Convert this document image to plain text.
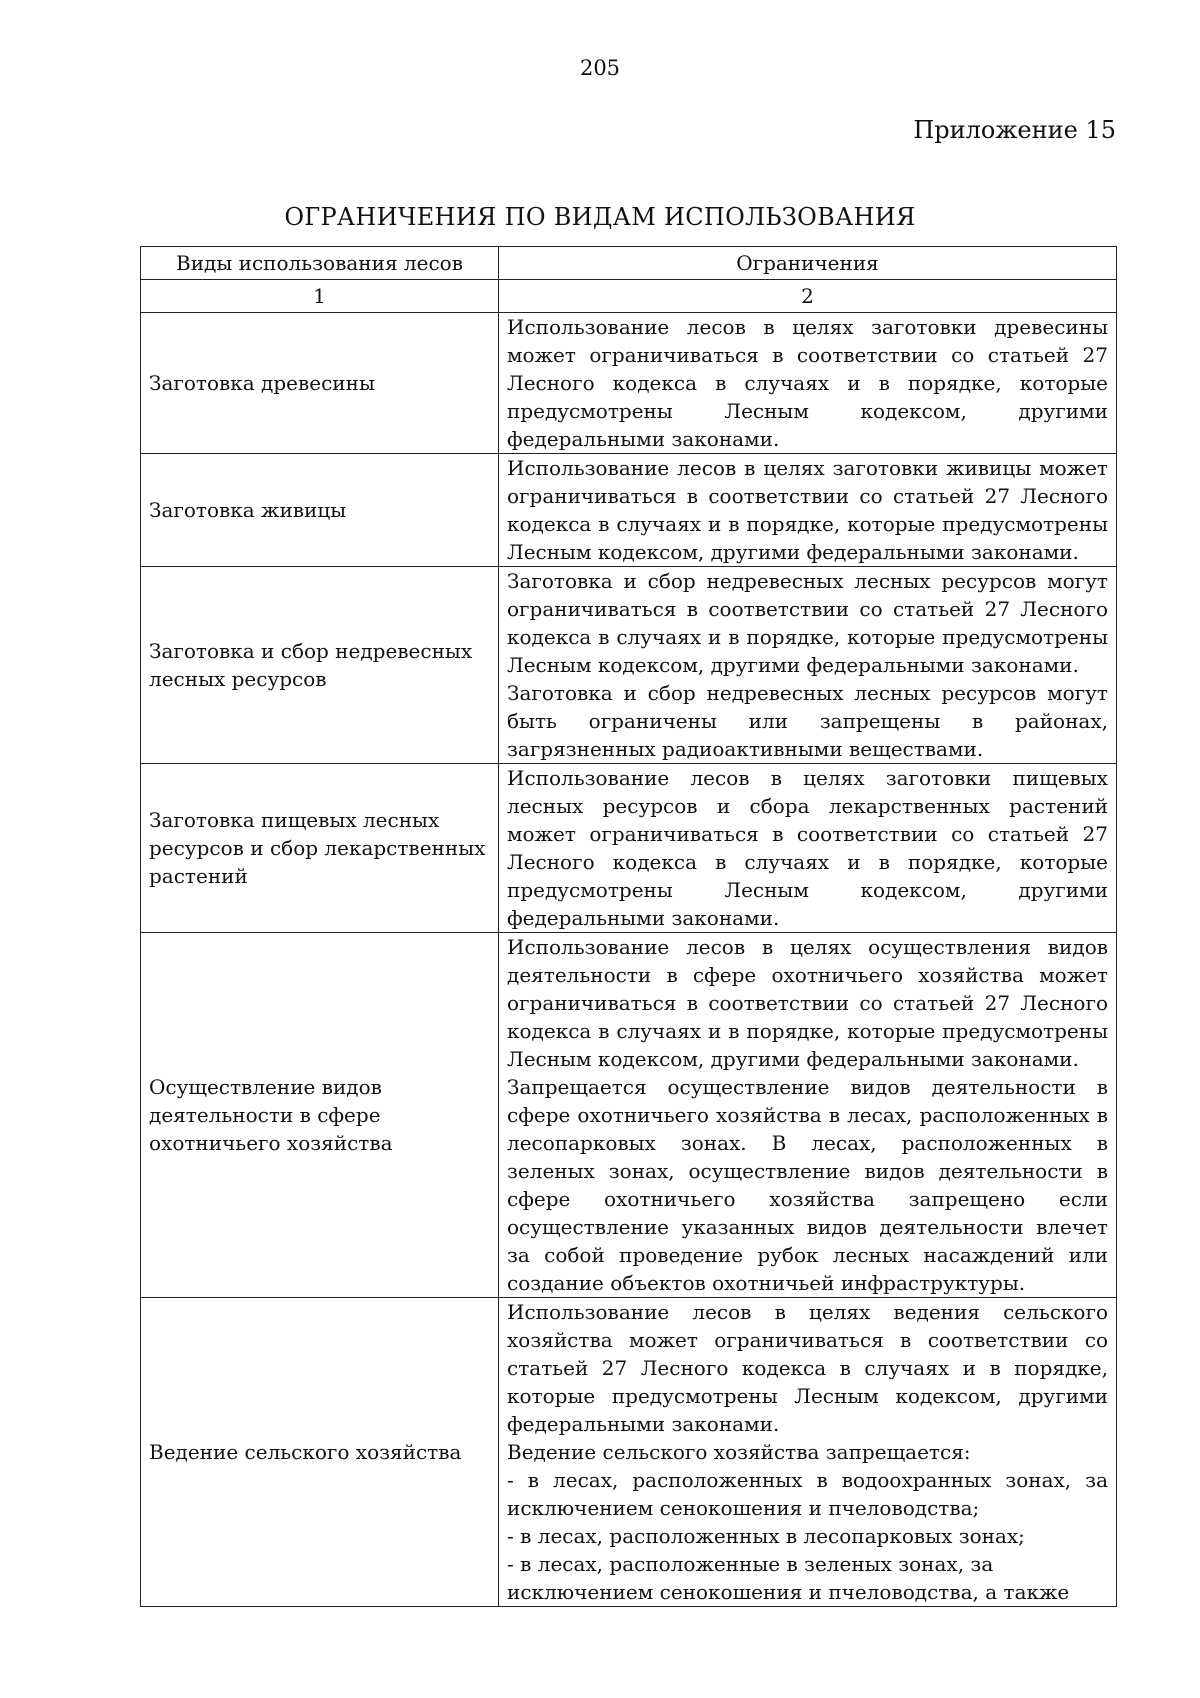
205
Приложение 15
ОГРАНИЧЕНИЯ ПО ВИДАМ ИСПОЛЬЗОВАНИЯ
Виды использования лесов	Ограничения
1	2
Заготовка древесины	Использование лесов в целях заготовки древесины может ограничиваться в соответствии со статьей 27 Лесного кодекса в случаях и в порядке, которые предусмотрены Лесным кодексом, другими федеральными законами.

Заготовка живицы	Использование лесов в целях заготовки живицы может ограничиваться в соответствии со статьей 27 Лесного кодекса в случаях и в порядке, которые предусмотрены Лесным кодексом, другими федеральными законами.

Заготовка и сбор недревесных лесных ресурсов	Заготовка и сбор недревесных лесных ресурсов могут ограничиваться в соответствии со статьей 27 Лесного кодекса в случаях и в порядке, которые предусмотрены Лесным кодексом, другими федеральными законами.

Заготовка и сбор недревесных лесных ресурсов могут быть ограничены или запрещены в районах, загрязненных радиоактивными веществами.

Заготовка пищевых лесных ресурсов и сбор лекарственных растений	Использование лесов в целях заготовки пищевых лесных ресурсов и сбора лекарственных растений может ограничиваться в соответствии со статьей 27 Лесного кодекса в случаях и в порядке, которые предусмотрены Лесным кодексом, другими федеральными законами.

Осуществление видов деятельности в сфере охотничьего хозяйства	Использование лесов в целях осуществления видов деятельности в сфере охотничьего хозяйства может ограничиваться в соответствии со статьей 27 Лесного кодекса в случаях и в порядке, которые предусмотрены Лесным кодексом, другими федеральными законами.

Запрещается осуществление видов деятельности в сфере охотничьего хозяйства в лесах, расположенных в лесопарковых зонах. В лесах, расположенных в зеленых зонах, осуществление видов деятельности в сфере охотничьего хозяйства запрещено если осуществление указанных видов деятельности влечет за собой проведение рубок лесных насаждений или создание объектов охотничьей инфраструктуры.

Ведение сельского хозяйства	Использование лесов в целях ведения сельского хозяйства может ограничиваться в соответствии со статьей 27 Лесного кодекса в случаях и в порядке, которые предусмотрены Лесным кодексом, другими федеральными законами.

Ведение сельского хозяйства запрещается:

- в лесах, расположенных в водоохранных зонах, за исключением сенокошения и пчеловодства;

- в лесах, расположенных в лесопарковых зонах;

- в лесах, расположенные в зеленых зонах, за исключением сенокошения и пчеловодства, а также
